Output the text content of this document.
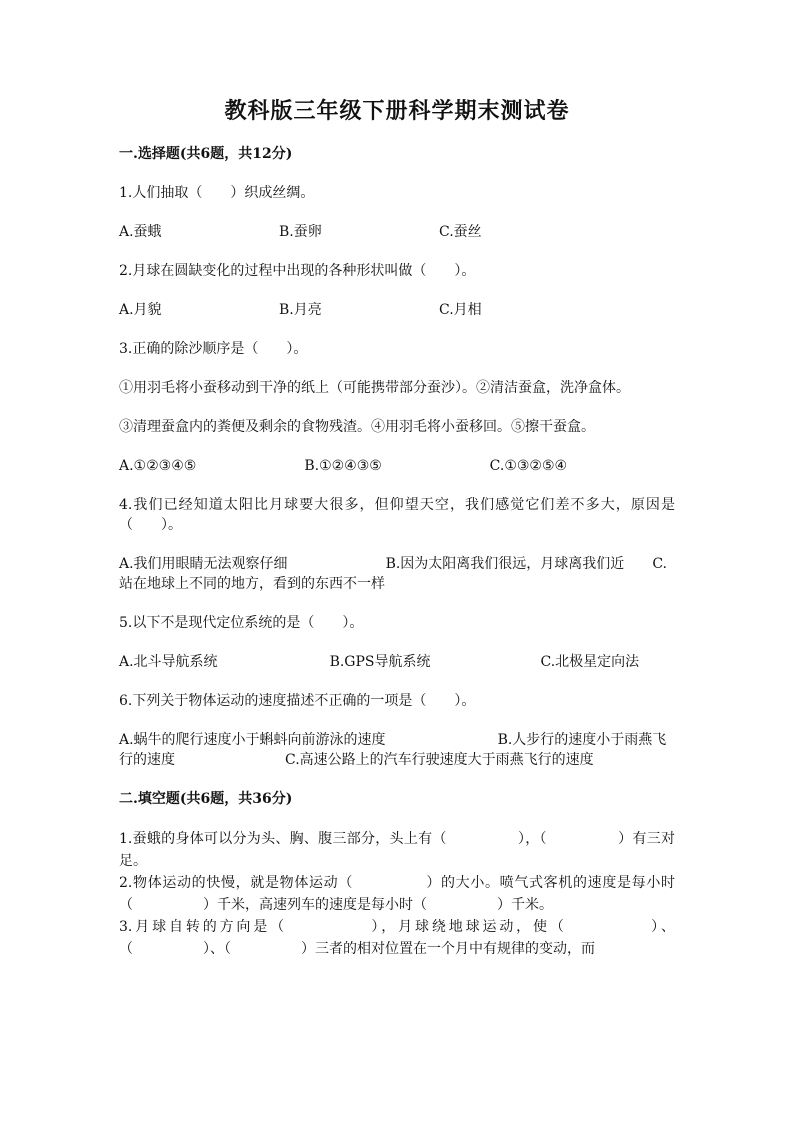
教科版三年级下册科学期末测试卷
一.选择题(共6题，共12分)
1.人们抽取（　　）织成丝绸。
A.蚕蛾	B.蚕卵	C.蚕丝
2.月球在圆缺变化的过程中出现的各种形状叫做（　　）。
A.月貌	B.月亮	C.月相
3.正确的除沙顺序是（　　）。
①用羽毛将小蚕移动到干净的纸上（可能携带部分蚕沙）。②清洁蚕盒，洗净盒体。
③清理蚕盒内的粪便及剩余的食物残渣。④用羽毛将小蚕移回。⑤擦干蚕盒。
A.①②③④⑤	B.①②④③⑤	C.①③②⑤④
4.我们已经知道太阳比月球要大很多，但仰望天空，我们感觉它们差不多大，原因是（　　）。
A.我们用眼睛无法观察仔细	B.因为太阳离我们很远，月球离我们近 C.站在地球上不同的地方，看到的东西不一样
5.以下不是现代定位系统的是（　　）。
A.北斗导航系统	B.GPS导航系统	C.北极星定向法
6.下列关于物体运动的速度描述不正确的一项是（　　）。
A.蜗牛的爬行速度小于蝌蚪向前游泳的速度	B.人步行的速度小于雨燕飞行的速度	C.高速公路上的汽车行驶速度大于雨燕飞行的速度
二.填空题(共6题，共36分)
1.蚕蛾的身体可以分为头、胸、腹三部分，头上有（　　　　　），（　　　　　）有三对足。
2.物体运动的快慢，就是物体运动（　　　　　）的大小。喷气式客机的速度是每小时（　　　　　）千米，高速列车的速度是每小时（　　　　　）千米。
3.月球自转的方向是（　　　　　），月球绕地球运动，使（　　　　　）、（　　　　　）、（　　　　　）三者的相对位置在一个月中有规律的变动，而
